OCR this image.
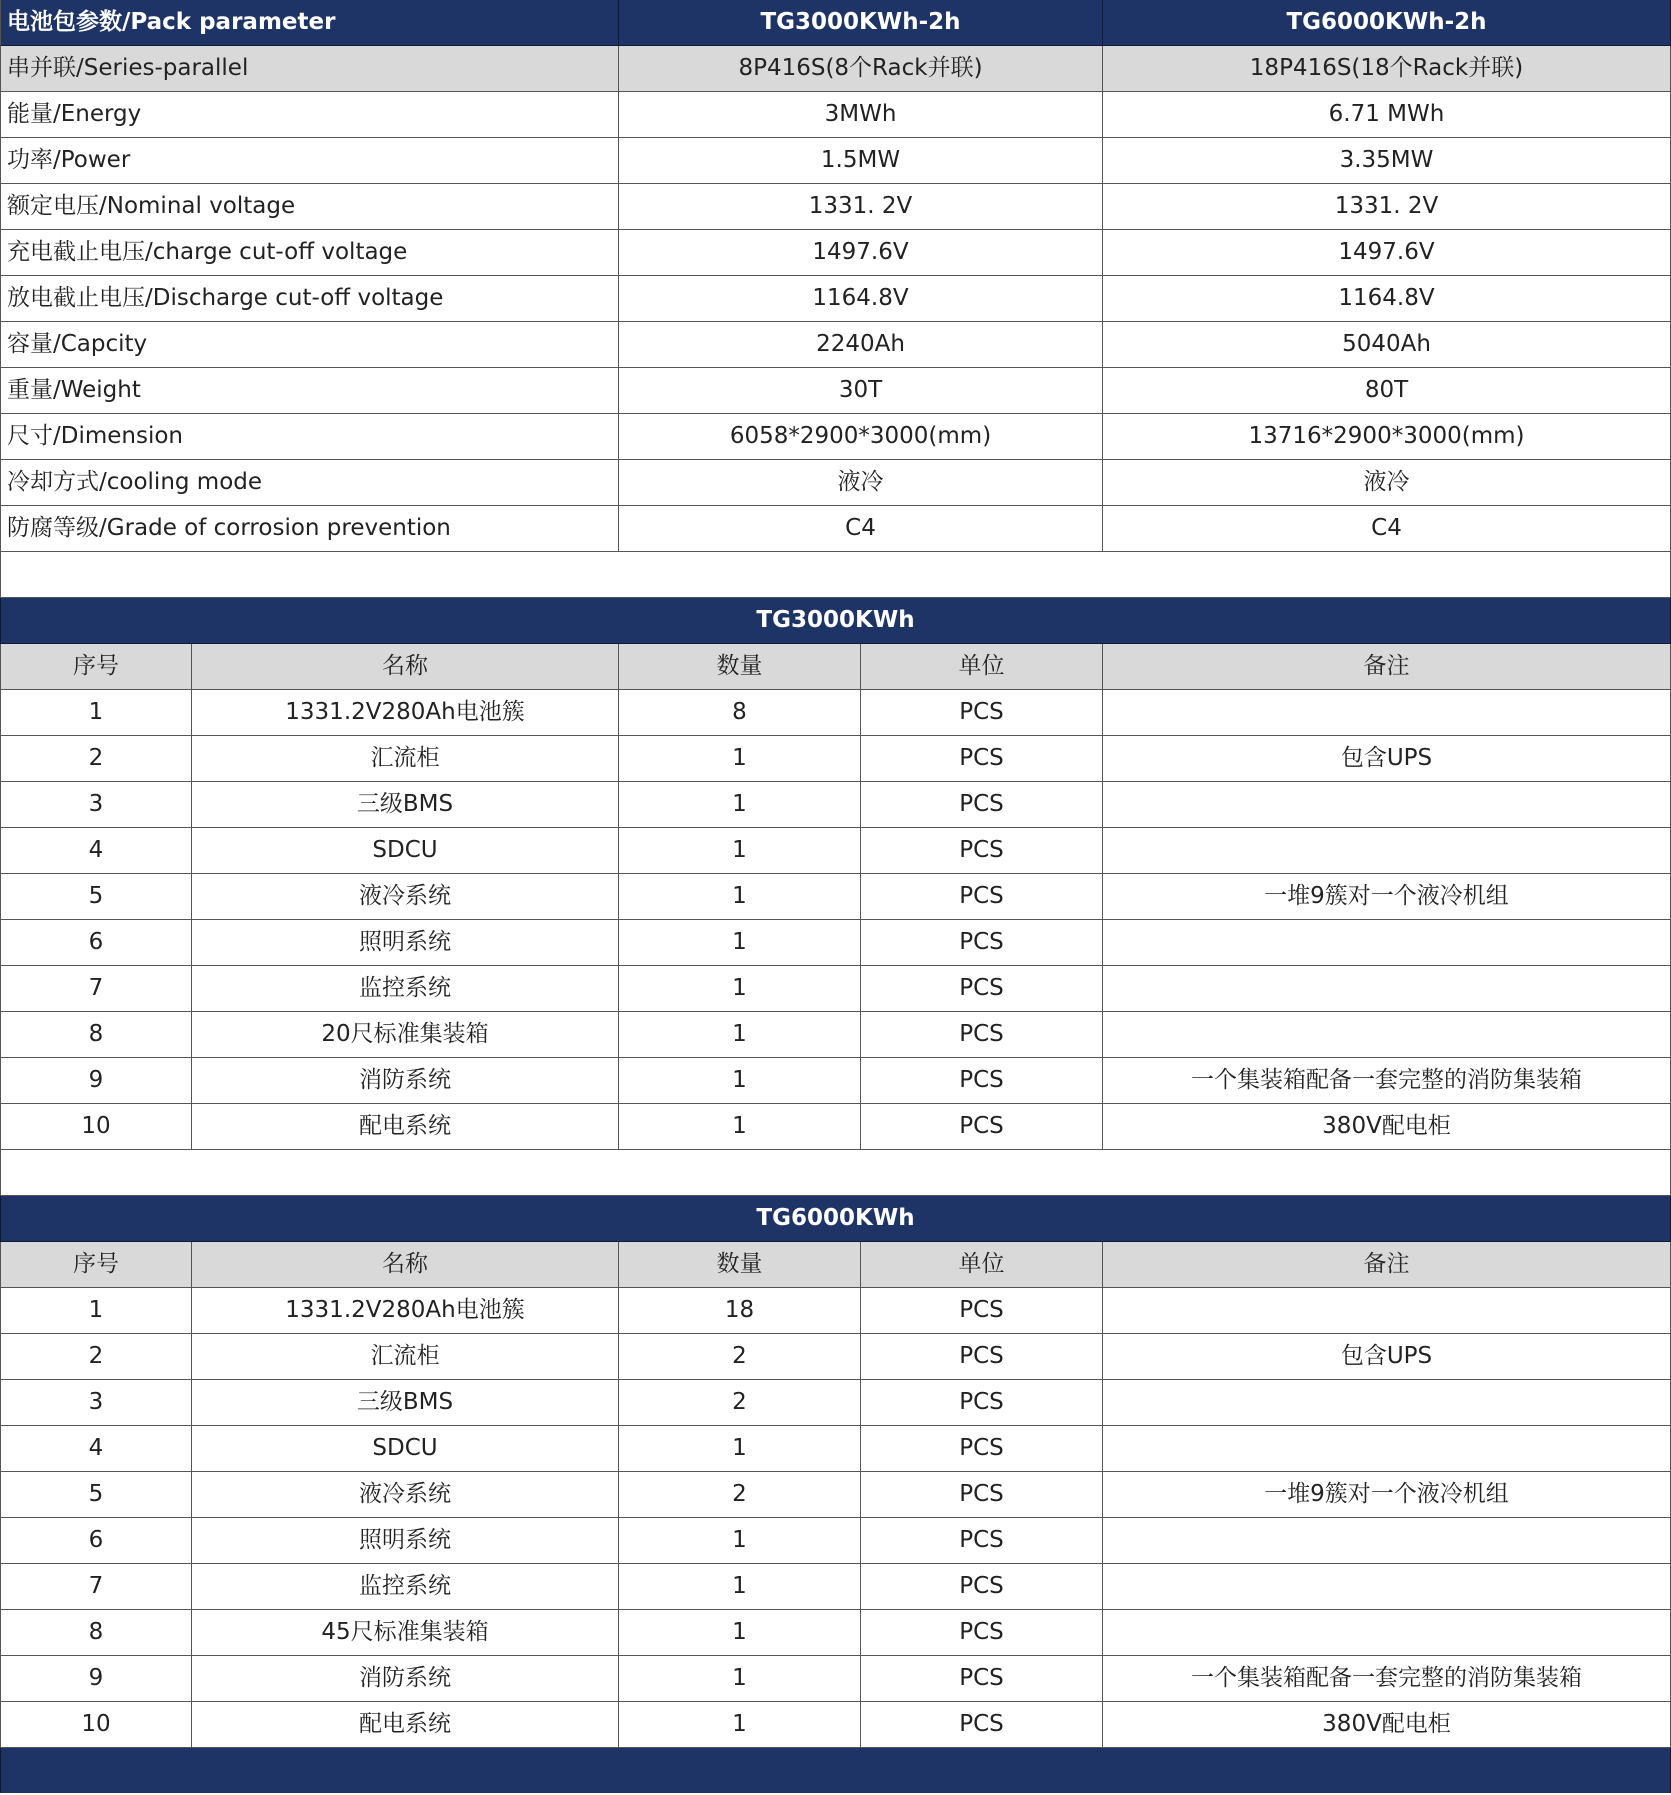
电池包参数/Pack parameter	TG3000KWh-2h	TG6000KWh-2h
串并联/Series-parallel	8P416S(8个Rack并联)	18P416S(18个Rack并联)
能量/Energy	3MWh	6.71 MWh
功率/Power	1.5MW	3.35MW
额定电压/Nominal voltage	1331. 2V	1331. 2V
充电截止电压/charge cut-off voltage	1497.6V	1497.6V
放电截止电压/Discharge cut-off voltage	1164.8V	1164.8V
容量/Capcity	2240Ah	5040Ah
重量/Weight	30T	80T
尺寸/Dimension	6058*2900*3000(mm)	13716*2900*3000(mm)
冷却方式/cooling mode	液冷	液冷
防腐等级/Grade of corrosion prevention	C4	C4
TG3000KWh
序号	名称	数量	单位	备注
1	1331.2V280Ah电池簇	8	PCS
2	汇流柜	1	PCS	包含UPS
3	三级BMS	1	PCS
4	SDCU	1	PCS
5	液冷系统	1	PCS	一堆9簇对一个液冷机组
6	照明系统	1	PCS
7	监控系统	1	PCS
8	20尺标准集装箱	1	PCS
9	消防系统	1	PCS	一个集装箱配备一套完整的消防集装箱
10	配电系统	1	PCS	380V配电柜
TG6000KWh
序号	名称	数量	单位	备注
1	1331.2V280Ah电池簇	18	PCS
2	汇流柜	2	PCS	包含UPS
3	三级BMS	2	PCS
4	SDCU	1	PCS
5	液冷系统	2	PCS	一堆9簇对一个液冷机组
6	照明系统	1	PCS
7	监控系统	1	PCS
8	45尺标准集装箱	1	PCS
9	消防系统	1	PCS	一个集装箱配备一套完整的消防集装箱
10	配电系统	1	PCS	380V配电柜
